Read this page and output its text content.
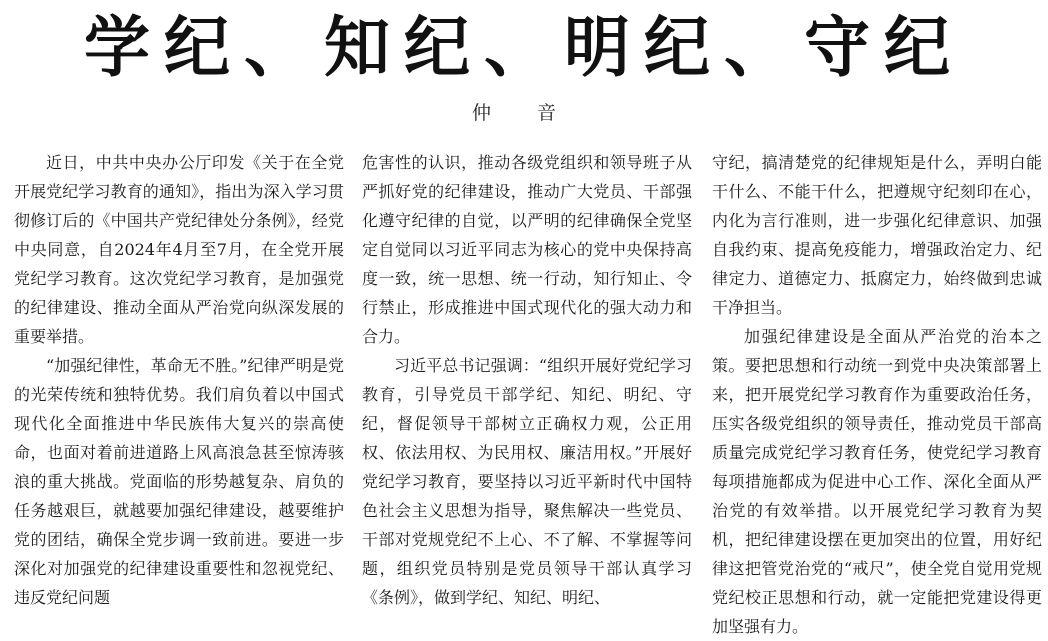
学纪、知纪、明纪、守纪
仲 音

近日，中共中央办公厅印发《关于在全党开展党纪学习教育的通知》，指出为深入学习贯彻修订后的《中国共产党纪律处分条例》，经党中央同意，自2024年4月至7月，在全党开展党纪学习教育。这次党纪学习教育，是加强党的纪律建设、推动全面从严治党向纵深发展的重要举措。

“加强纪律性，革命无不胜。”纪律严明是党的光荣传统和独特优势。我们肩负着以中国式现代化全面推进中华民族伟大复兴的崇高使命，也面对着前进道路上风高浪急甚至惊涛骇浪的重大挑战。党面临的形势越复杂、肩负的任务越艰巨，就越要加强纪律建设，越要维护党的团结，确保全党步调一致前进。要进一步深化对加强党的纪律建设重要性和忽视党纪、违反党纪问题

危害性的认识，推动各级党组织和领导班子从严抓好党的纪律建设，推动广大党员、干部强化遵守纪律的自觉，以严明的纪律确保全党坚定自觉同以习近平同志为核心的党中央保持高度一致，统一思想、统一行动，知行知止、令行禁止，形成推进中国式现代化的强大动力和合力。

习近平总书记强调：“组织开展好党纪学习教育，引导党员干部学纪、知纪、明纪、守纪，督促领导干部树立正确权力观，公正用权、依法用权、为民用权、廉洁用权。”开展好党纪学习教育，要坚持以习近平新时代中国特色社会主义思想为指导，聚焦解决一些党员、干部对党规党纪不上心、不了解、不掌握等问题，组织党员特别是党员领导干部认真学习《条例》，做到学纪、知纪、明纪、

守纪，搞清楚党的纪律规矩是什么，弄明白能干什么、不能干什么，把遵规守纪刻印在心，内化为言行准则，进一步强化纪律意识、加强自我约束、提高免疫能力，增强政治定力、纪律定力、道德定力、抵腐定力，始终做到忠诚干净担当。

加强纪律建设是全面从严治党的治本之策。要把思想和行动统一到党中央决策部署上来，把开展党纪学习教育作为重要政治任务，压实各级党组织的领导责任，推动党员干部高质量完成党纪学习教育任务，使党纪学习教育每项措施都成为促进中心工作、深化全面从严治党的有效举措。以开展党纪学习教育为契机，把纪律建设摆在更加突出的位置，用好纪律这把管党治党的“戒尺”，使全党自觉用党规党纪校正思想和行动，就一定能把党建设得更加坚强有力。
